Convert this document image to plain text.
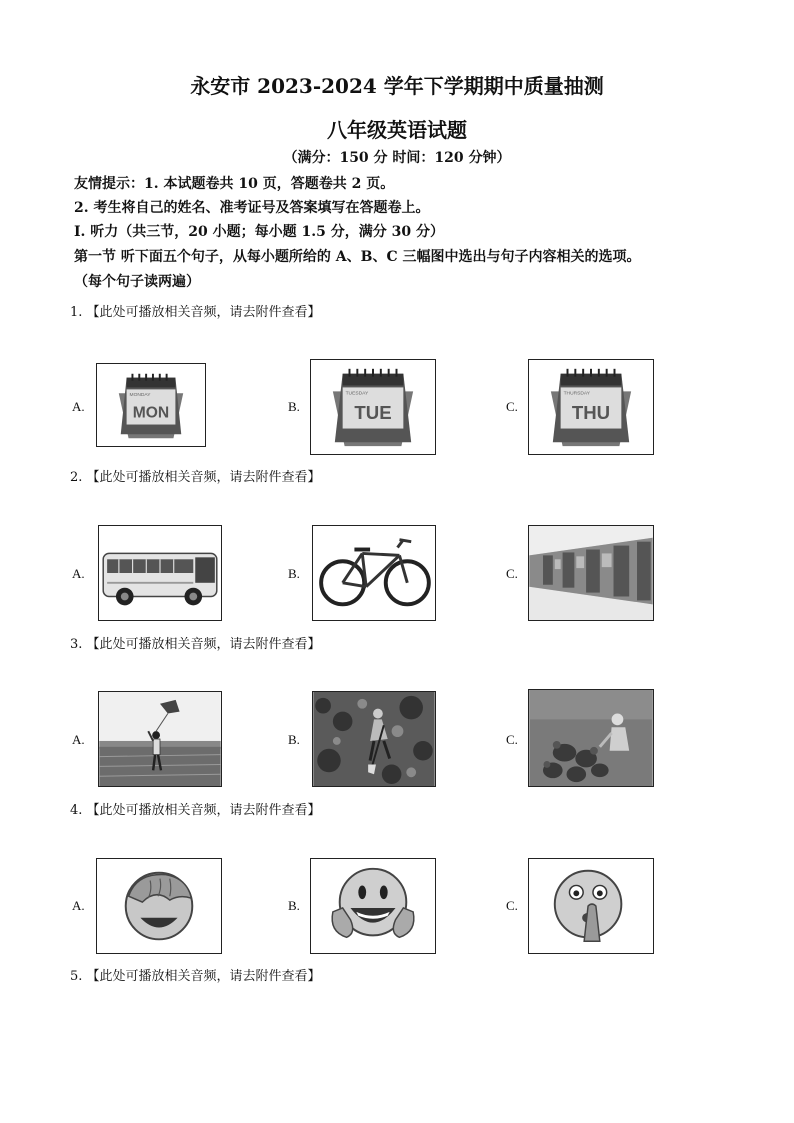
永安市 2023-2024 学年下学期期中质量抽测
八年级英语试题
（满分：150 分 时间：120 分钟）
友情提示：1. 本试题卷共 10 页，答题卷共 2 页。
2. 考生将自己的姓名、准考证号及答案填写在答题卷上。
Ⅰ. 听力（共三节，20 小题；每小题 1.5 分，满分 30 分）
第一节 听下面五个句子，从每小题所给的 A、B、C 三幅图中选出与句子内容相关的选项。
（每个句子读两遍）
1. 【此处可播放相关音频，请去附件查看】
A.	B.	C.
MONDAY
MON
TUESDAY
TUE
THURSDAY
THU
2. 【此处可播放相关音频，请去附件查看】
A.	B.	C.
3. 【此处可播放相关音频，请去附件查看】
A.	B.	C.
4. 【此处可播放相关音频，请去附件查看】
A.	B.	C.
5. 【此处可播放相关音频，请去附件查看】
